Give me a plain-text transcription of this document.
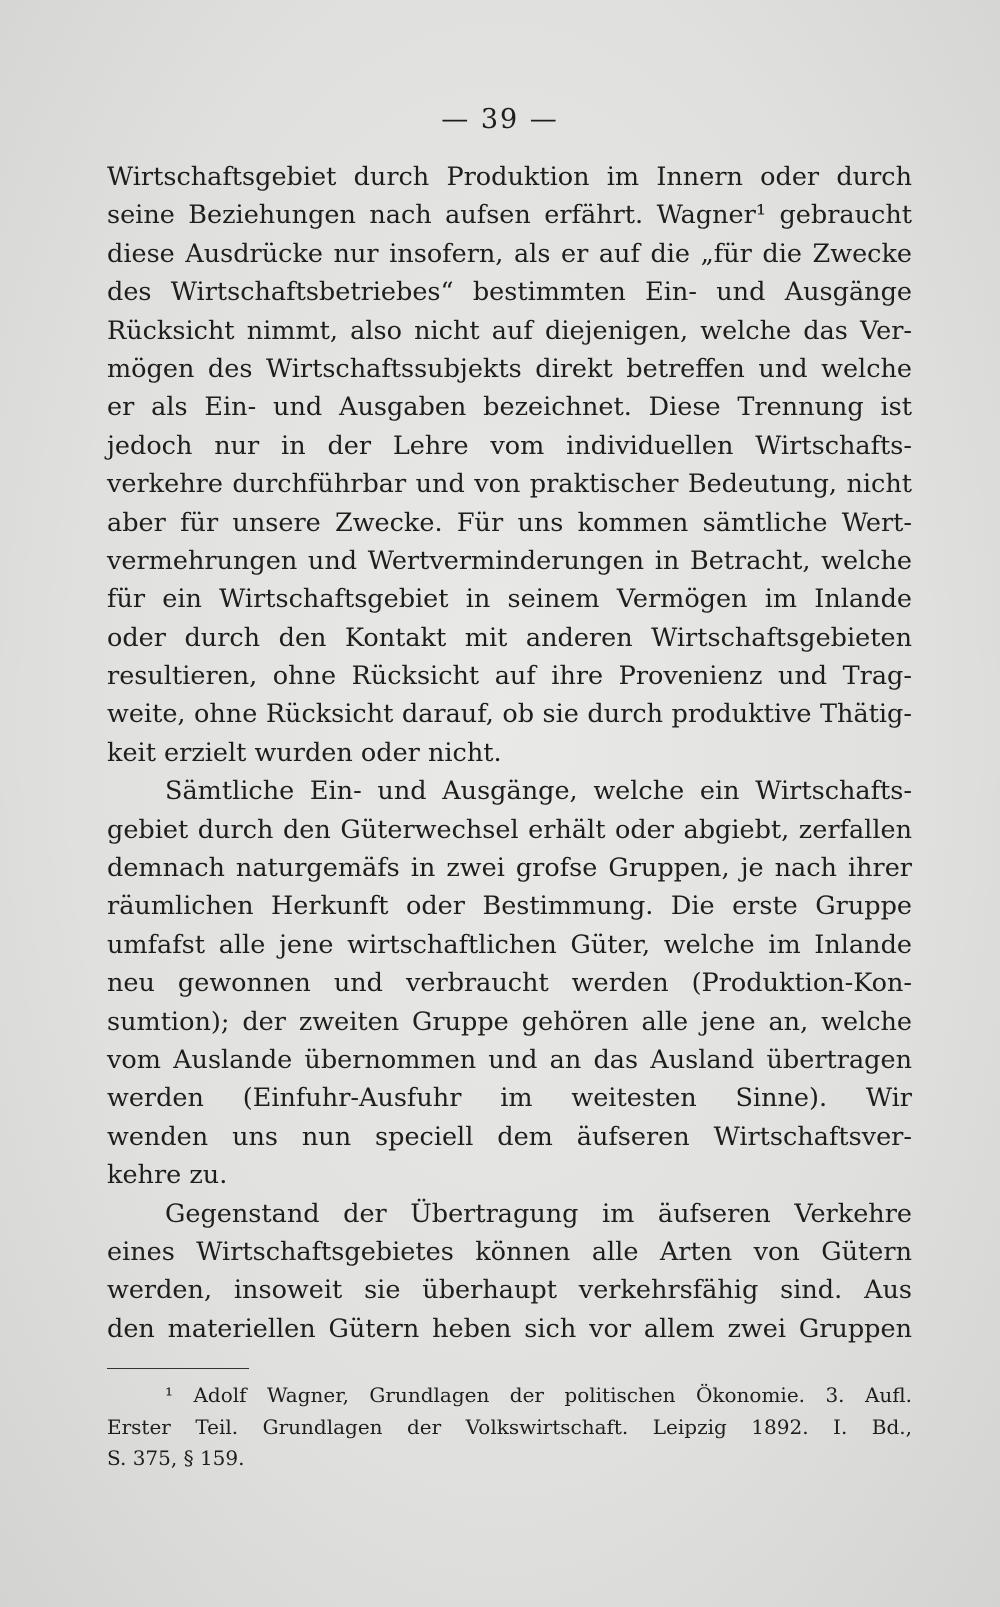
— 39 —
Wirtschaftsgebiet durch Produktion im Innern oder durch
seine Beziehungen nach aufsen erfährt. Wagner¹ gebraucht
diese Ausdrücke nur insofern, als er auf die „für die Zwecke
des Wirtschaftsbetriebes“ bestimmten Ein- und Ausgänge
Rücksicht nimmt, also nicht auf diejenigen, welche das Ver-
mögen des Wirtschaftssubjekts direkt betreffen und welche
er als Ein- und Ausgaben bezeichnet. Diese Trennung ist
jedoch nur in der Lehre vom individuellen Wirtschafts-
verkehre durchführbar und von praktischer Bedeutung, nicht
aber für unsere Zwecke. Für uns kommen sämtliche Wert-
vermehrungen und Wertverminderungen in Betracht, welche
für ein Wirtschaftsgebiet in seinem Vermögen im Inlande
oder durch den Kontakt mit anderen Wirtschaftsgebieten
resultieren, ohne Rücksicht auf ihre Provenienz und Trag-
weite, ohne Rücksicht darauf, ob sie durch produktive Thätig-
keit erzielt wurden oder nicht.
Sämtliche Ein- und Ausgänge, welche ein Wirtschafts-
gebiet durch den Güterwechsel erhält oder abgiebt, zerfallen
demnach naturgemäfs in zwei grofse Gruppen, je nach ihrer
räumlichen Herkunft oder Bestimmung. Die erste Gruppe
umfafst alle jene wirtschaftlichen Güter, welche im Inlande
neu gewonnen und verbraucht werden (Produktion-Kon-
sumtion); der zweiten Gruppe gehören alle jene an, welche
vom Auslande übernommen und an das Ausland übertragen
werden (Einfuhr-Ausfuhr im weitesten Sinne). Wir
wenden uns nun speciell dem äufseren Wirtschaftsver-
kehre zu.
Gegenstand der Übertragung im äufseren Verkehre
eines Wirtschaftsgebietes können alle Arten von Gütern
werden, insoweit sie überhaupt verkehrsfähig sind. Aus
den materiellen Gütern heben sich vor allem zwei Gruppen
¹ Adolf Wagner, Grundlagen der politischen Ökonomie. 3. Aufl.
Erster Teil. Grundlagen der Volkswirtschaft. Leipzig 1892. I. Bd.,
S. 375, § 159.
